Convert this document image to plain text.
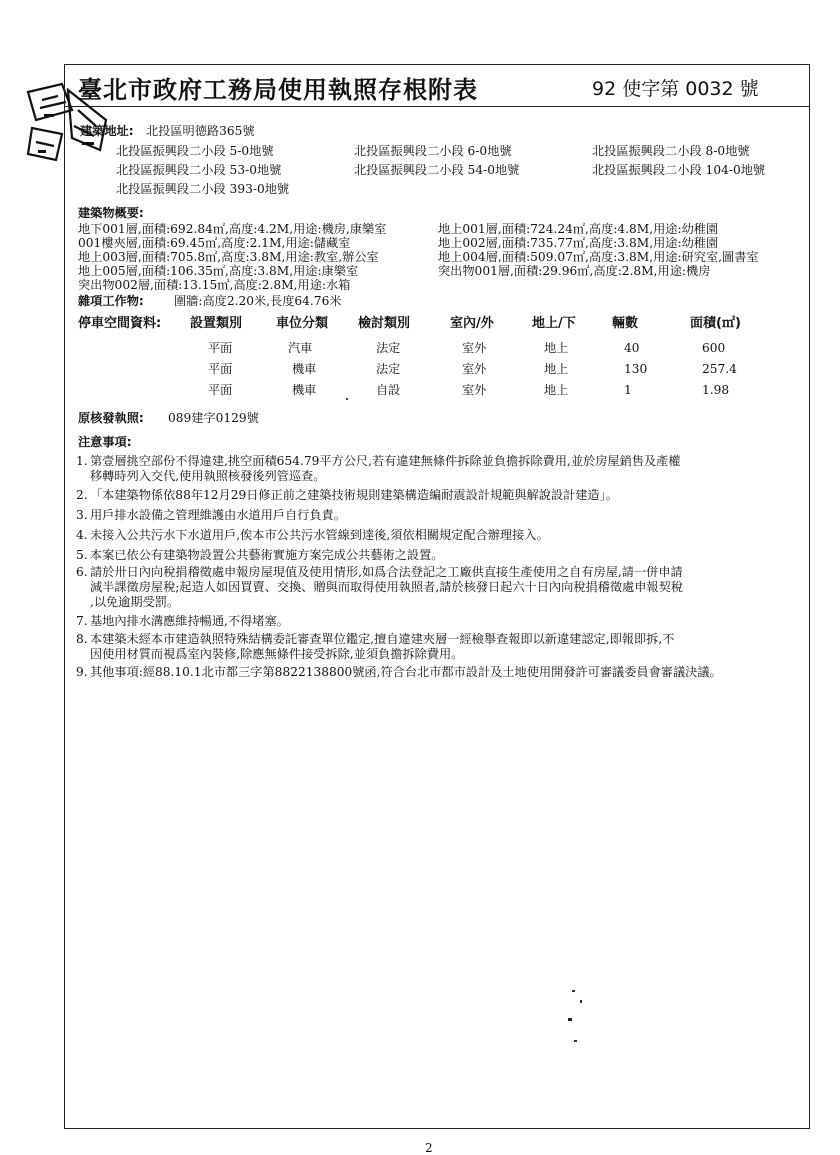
臺北市政府工務局使用執照存根附表	92 使字第 0032 號
建築地址: 北投區明德路365號
北投區振興段二小段 5-0地號	北投區振興段二小段 6-0地號	北投區振興段二小段 8-0地號
北投區振興段二小段 53-0地號	北投區振興段二小段 54-0地號	北投區振興段二小段 104-0地號
北投區振興段二小段 393-0地號
建築物概要:
地下001層,面積:692.84㎡,高度:4.2M,用途:機房,康樂室
001樓夾層,面積:69.45㎡,高度:2.1M,用途:儲藏室
地上003層,面積:705.8㎡,高度:3.8M,用途:教室,辦公室
地上005層,面積:106.35㎡,高度:3.8M,用途:康樂室
突出物002層,面積:13.15㎡,高度:2.8M,用途:水箱
地上001層,面積:724.24㎡,高度:4.8M,用途:幼稚園
地上002層,面積:735.77㎡,高度:3.8M,用途:幼稚園
地上004層,面積:509.07㎡,高度:3.8M,用途:研究室,圖書室
突出物001層,面積:29.96㎡,高度:2.8M,用途:機房
雜項工作物: 圍牆:高度2.20米,長度64.76米
停車空間資料: 設置類別	車位分類 檢討類別	室內/外	地上/下	輛數	面積(㎡)
平面	汽車	法定	室外	地上	40	600
平面	機車	法定	室外	地上	130	257.4
平面	機車	自設	室外	地上	1	1.98
原核發執照: 089建字0129號
注意事項:
1. 第壹層挑空部份不得違建,挑空面積654.79平方公尺,若有違建無條件拆除並負擔拆除費用,並於房屋銷售及產權
移轉時列入交代,使用執照核發後列管巡查。
2. 「本建築物係依88年12月29日修正前之建築技術規則建築構造編耐震設計規範與解說設計建造」。
3. 用戶排水設備之管理維護由水道用戶自行負責。
4. 未接入公共污水下水道用戶,俟本市公共污水管線到達後,須依相關規定配合辦理接入。
5. 本案已依公有建築物設置公共藝術實施方案完成公共藝術之設置。
6. 請於卅日內向稅捐稽徵處申報房屋現值及使用情形,如爲合法登記之工廠供直接生產使用之自有房屋,請一併申請
減半課徵房屋稅;起造人如因買賣、交換、贈與而取得使用執照者,請於核發日起六十日內向稅捐稽徵處申報契稅
,以免逾期受罰。
7. 基地內排水溝應維持暢通,不得堵塞。
8. 本建築未經本市建造執照特殊結構委託審查單位鑑定,擅自違建夾層一經檢舉查報即以新違建認定,即報即拆,不
因使用材質而視爲室內裝修,除應無條件接受拆除,並須負擔拆除費用。
9. 其他事項:經88.10.1北市都三字第8822138800號函,符合台北市都市設計及土地使用開發許可審議委員會審議決議。
2
